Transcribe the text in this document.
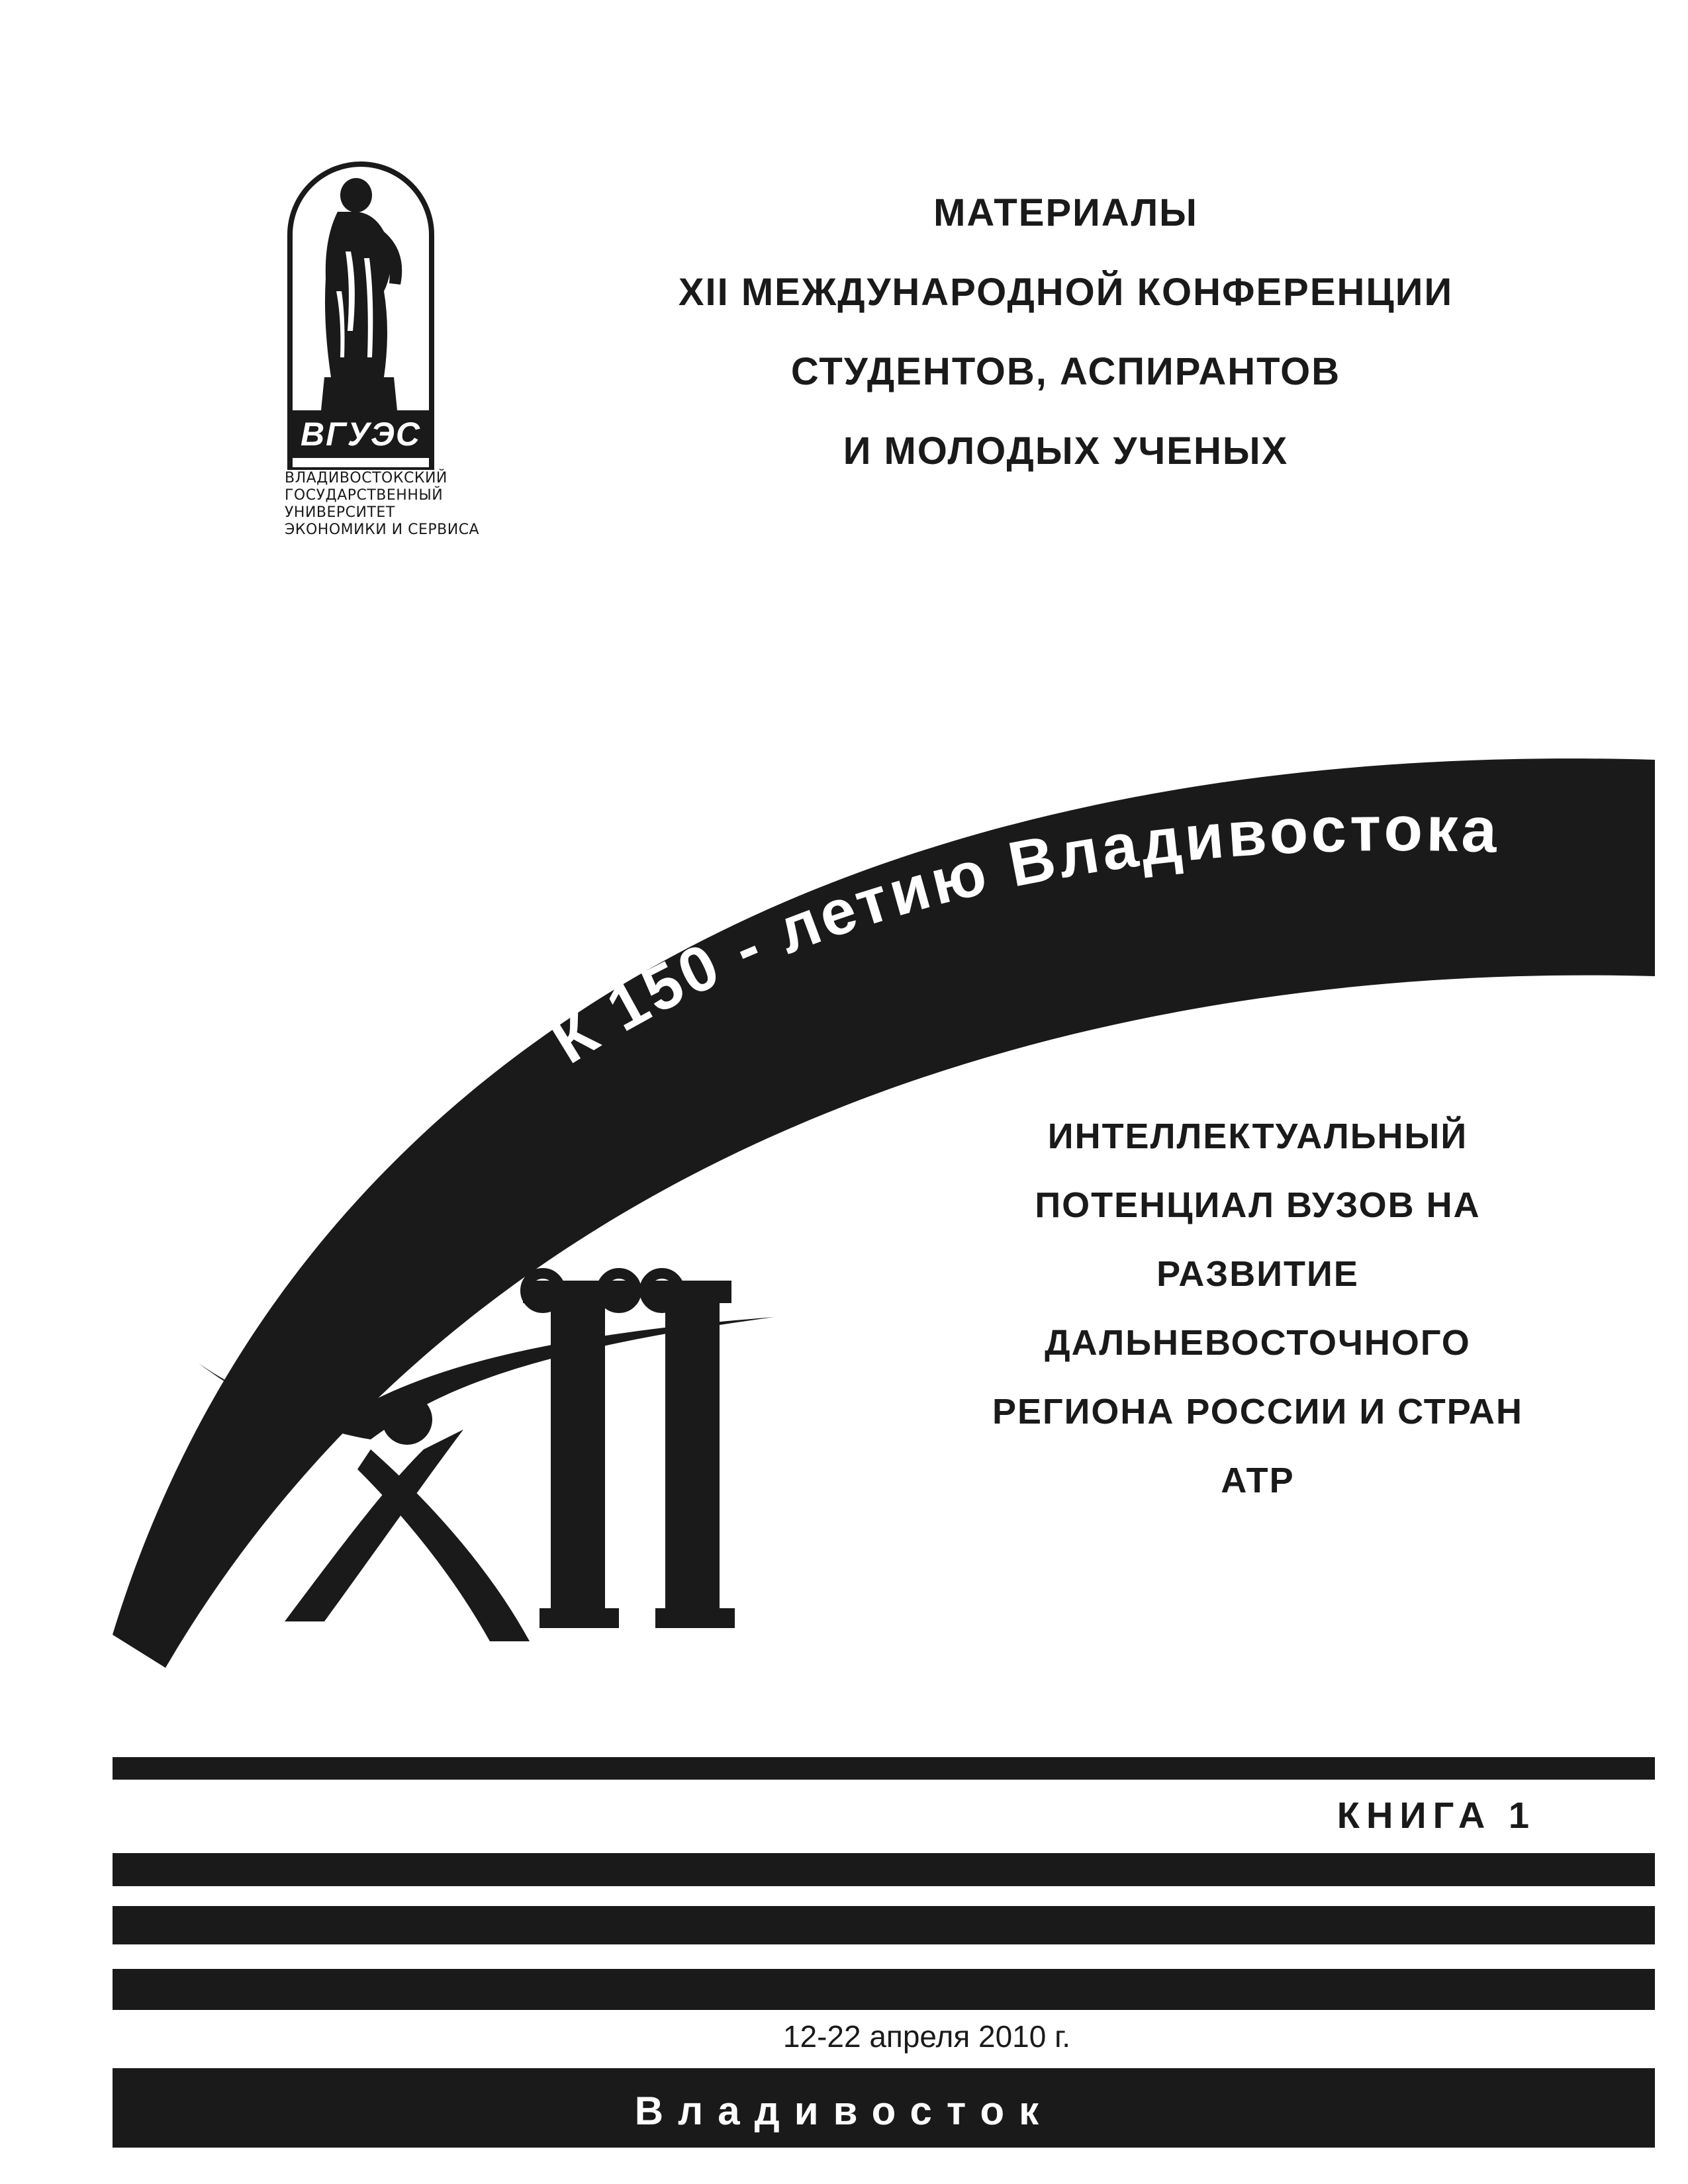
ВГУЭС
ВЛАДИВОСТОКСКИЙ
ГОСУДАРСТВЕННЫЙ
УНИВЕРСИТЕТ
ЭКОНОМИКИ И СЕРВИСА
МАТЕРИАЛЫ
XII МЕЖДУНАРОДНОЙ КОНФЕРЕНЦИИ
СТУДЕНТОВ, АСПИРАНТОВ
И МОЛОДЫХ УЧЕНЫХ
К 150 - летию Владивостока
ИНТЕЛЛЕКТУАЛЬНЫЙ
ПОТЕНЦИАЛ ВУЗОВ НА
РАЗВИТИЕ
ДАЛЬНЕВОСТОЧНОГО
РЕГИОНА РОССИИ И СТРАН
АТР
КНИГА 1
12-22 апреля 2010 г.
Владивосток
